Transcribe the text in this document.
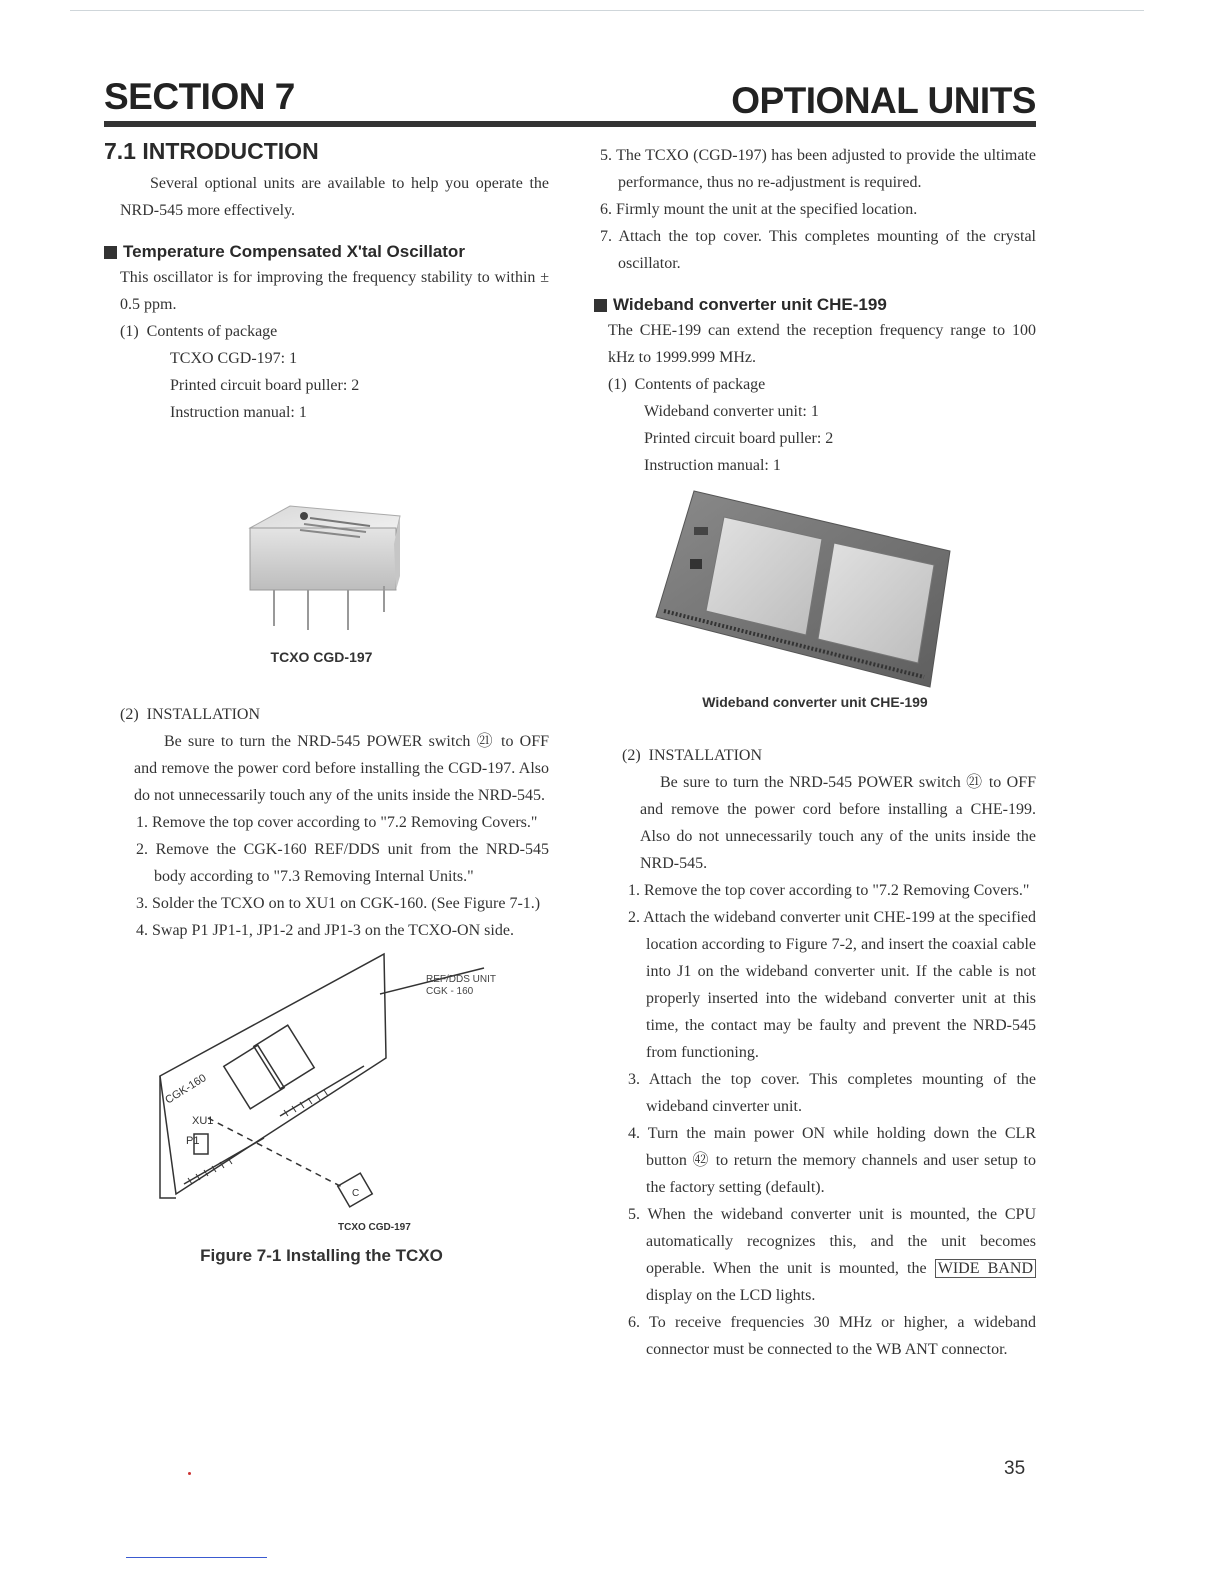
SECTION 7	OPTIONAL UNITS
7.1 INTRODUCTION
Several optional units are available to help you operate the NRD-545 more effectively.
Temperature Compensated X'tal Oscillator
This oscillator is for improving the frequency stability to within ± 0.5 ppm.
(1) Contents of package
TCXO CGD-197: 1
Printed circuit board puller: 2
Instruction manual: 1
TCXO CGD-197
(2) INSTALLATION
Be sure to turn the NRD-545 POWER switch ㉑ to OFF and remove the power cord before installing the CGD-197. Also do not unnecessarily touch any of the units inside the NRD-545.
1. Remove the top cover according to "7.2 Removing Covers."
2. Remove the CGK-160 REF/DDS unit from the NRD-545 body according to "7.3 Removing Internal Units."
3. Solder the TCXO on to XU1 on CGK-160. (See Figure 7-1.)
4. Swap P1 JP1-1, JP1-2 and JP1-3 on the TCXO-ON side.
CGK-160
XU1
P1
C
REF/DDS UNIT
CGK - 160
TCXO CGD-197
Figure 7-1 Installing the TCXO
5. The TCXO (CGD-197) has been adjusted to provide the ultimate performance, thus no re-adjustment is required.
6. Firmly mount the unit at the specified location.
7. Attach the top cover. This completes mounting of the crystal oscillator.
Wideband converter unit CHE-199
The CHE-199 can extend the reception frequency range to 100 kHz to 1999.999 MHz.
(1) Contents of package
Wideband converter unit: 1
Printed circuit board puller: 2
Instruction manual: 1
Wideband converter unit CHE-199
(2) INSTALLATION
Be sure to turn the NRD-545 POWER switch ㉑ to OFF and remove the power cord before installing a CHE-199. Also do not unnecessarily touch any of the units inside the NRD-545.
1. Remove the top cover according to "7.2 Removing Covers."
2. Attach the wideband converter unit CHE-199 at the specified location according to Figure 7-2, and insert the coaxial cable into J1 on the wideband converter unit. If the cable is not properly inserted into the wideband converter unit at this time, the contact may be faulty and prevent the NRD-545 from functioning.
3. Attach the top cover. This completes mounting of the wideband cinverter unit.
4. Turn the main power ON while holding down the CLR button ㊷ to return the memory channels and user setup to the factory setting (default).
5. When the wideband converter unit is mounted, the CPU automatically recognizes this, and the unit becomes operable. When the unit is mounted, the WIDE BAND display on the LCD lights.
6. To receive frequencies 30 MHz or higher, a wideband connector must be connected to the WB ANT connector.
35
